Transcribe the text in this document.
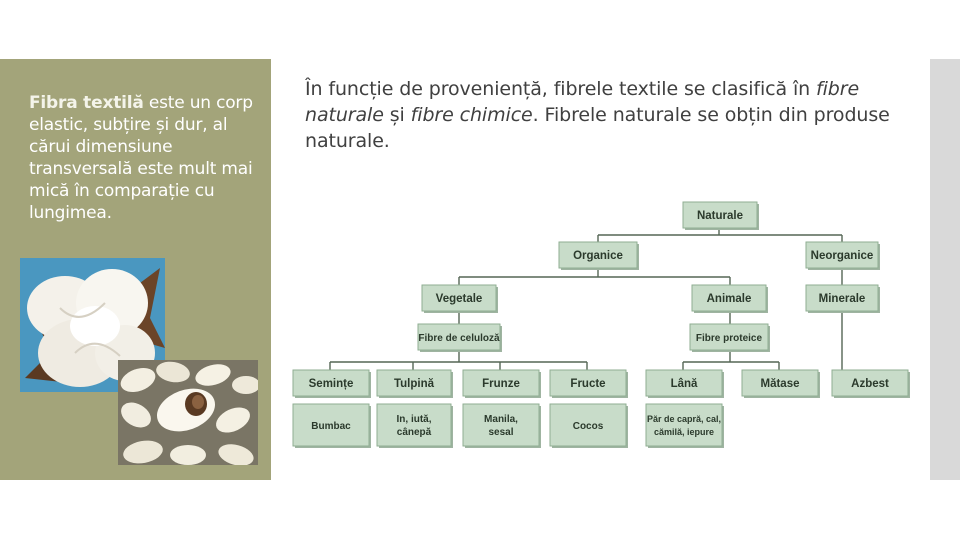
Fibra textilă este un corp elastic, subțire și dur, al cărui dimensiune transversală este mult mai mică în comparație cu lungimea.
În funcție de proveniență, fibrele textile se clasifică în fibre naturale și fibre chimice. Fibrele naturale se obțin din produse naturale.
Naturale
Organice	Neorganice
Vegetale	Animale	Minerale
Fibre de celuloză	Fibre proteice
Semințe	Tulpină	Frunze	Fructe	Lână	Mătase	Azbest
Bumbac
In, iută,
cânepă
Manila,
sesal
Cocos
Păr de capră, cal,
cămilă, iepure
